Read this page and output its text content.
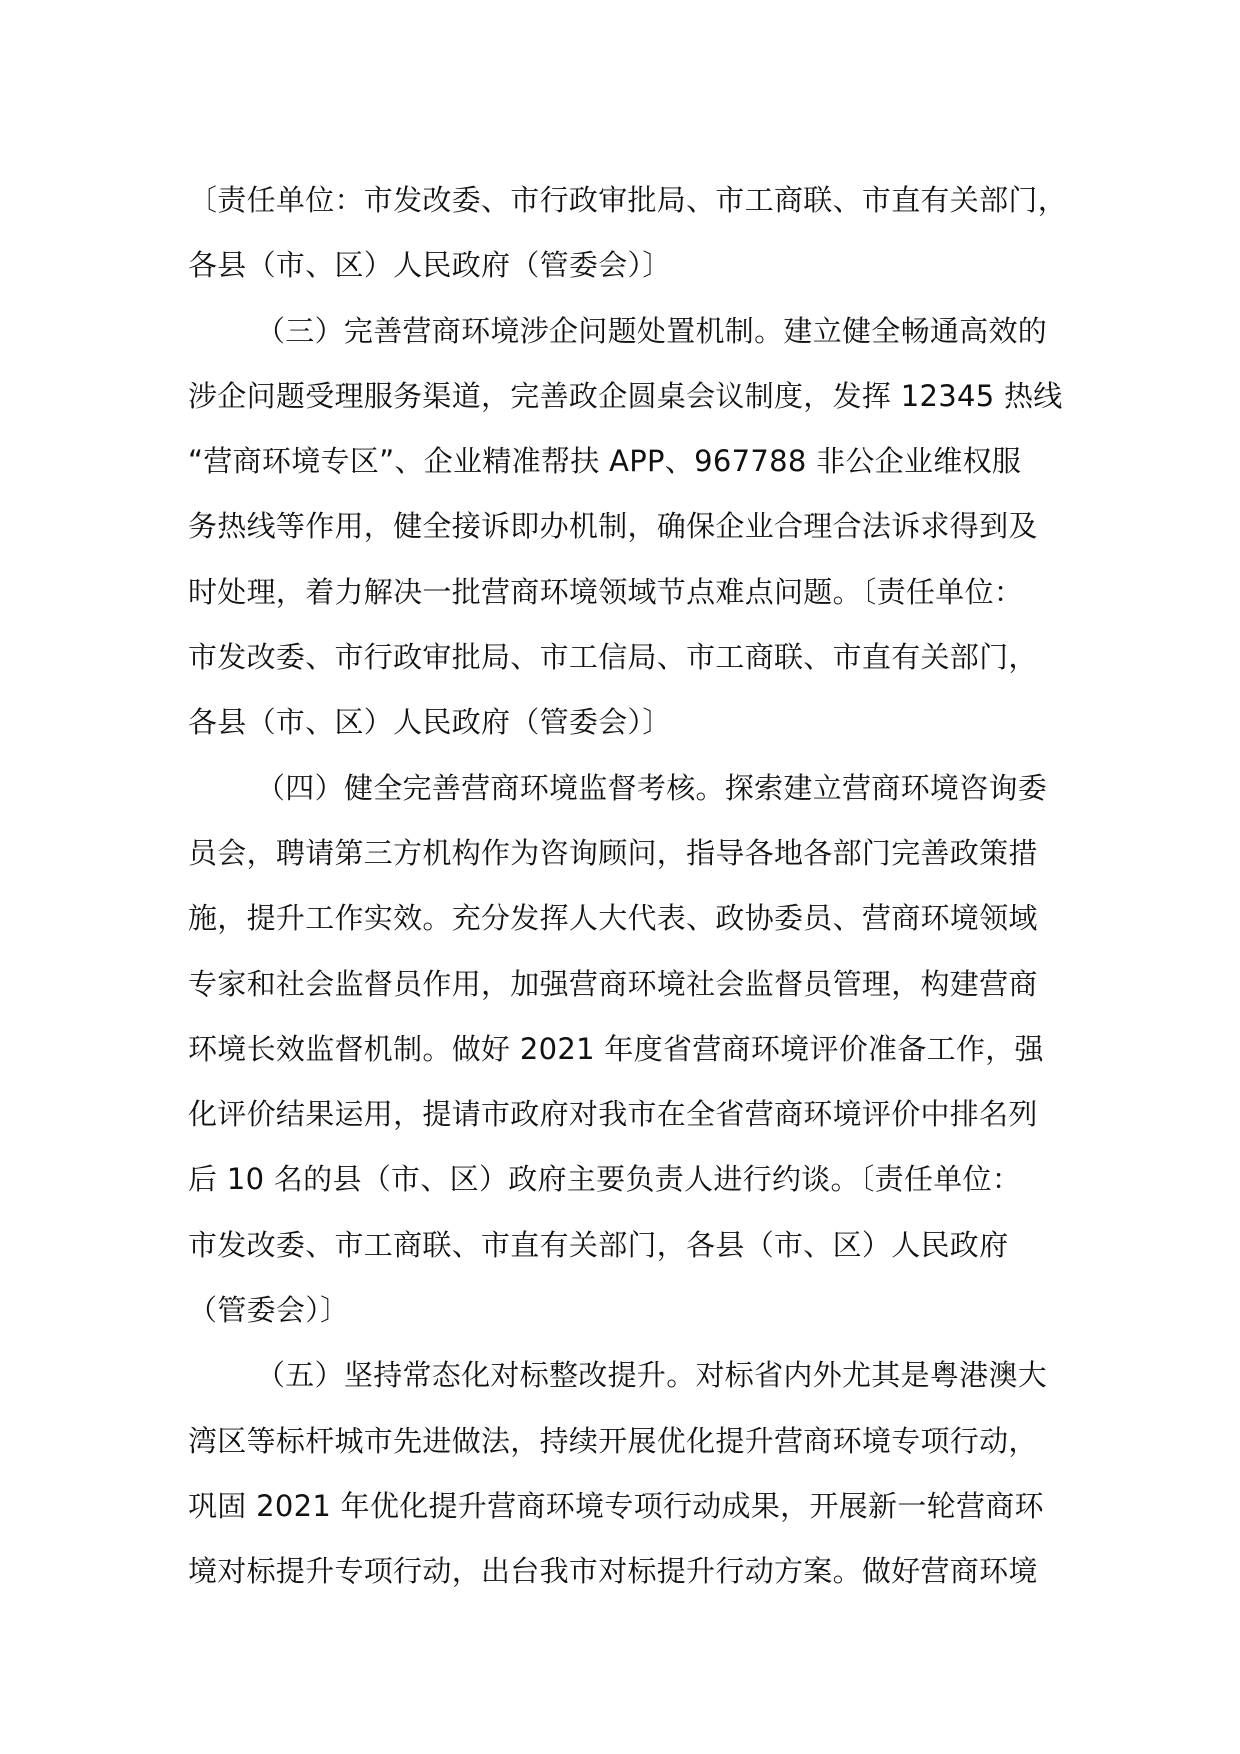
〔责任单位：市发改委、市行政审批局、市工商联、市直有关部门，
各县（市、区）人民政府（管委会）〕
（三）完善营商环境涉企问题处置机制。建立健全畅通高效的
涉企问题受理服务渠道，完善政企圆桌会议制度，发挥 12345 热线
“营商环境专区”、企业精准帮扶 APP、967788 非公企业维权服
务热线等作用，健全接诉即办机制，确保企业合理合法诉求得到及
时处理，着力解决一批营商环境领域节点难点问题。〔责任单位：
市发改委、市行政审批局、市工信局、市工商联、市直有关部门，
各县（市、区）人民政府（管委会）〕
（四）健全完善营商环境监督考核。探索建立营商环境咨询委
员会，聘请第三方机构作为咨询顾问，指导各地各部门完善政策措
施，提升工作实效。充分发挥人大代表、政协委员、营商环境领域
专家和社会监督员作用，加强营商环境社会监督员管理，构建营商
环境长效监督机制。做好 2021 年度省营商环境评价准备工作，强
化评价结果运用，提请市政府对我市在全省营商环境评价中排名列
后 10 名的县（市、区）政府主要负责人进行约谈。〔责任单位：
市发改委、市工商联、市直有关部门，各县（市、区）人民政府
（管委会）〕
（五）坚持常态化对标整改提升。对标省内外尤其是粤港澳大
湾区等标杆城市先进做法，持续开展优化提升营商环境专项行动，
巩固 2021 年优化提升营商环境专项行动成果，开展新一轮营商环
境对标提升专项行动，出台我市对标提升行动方案。做好营商环境
